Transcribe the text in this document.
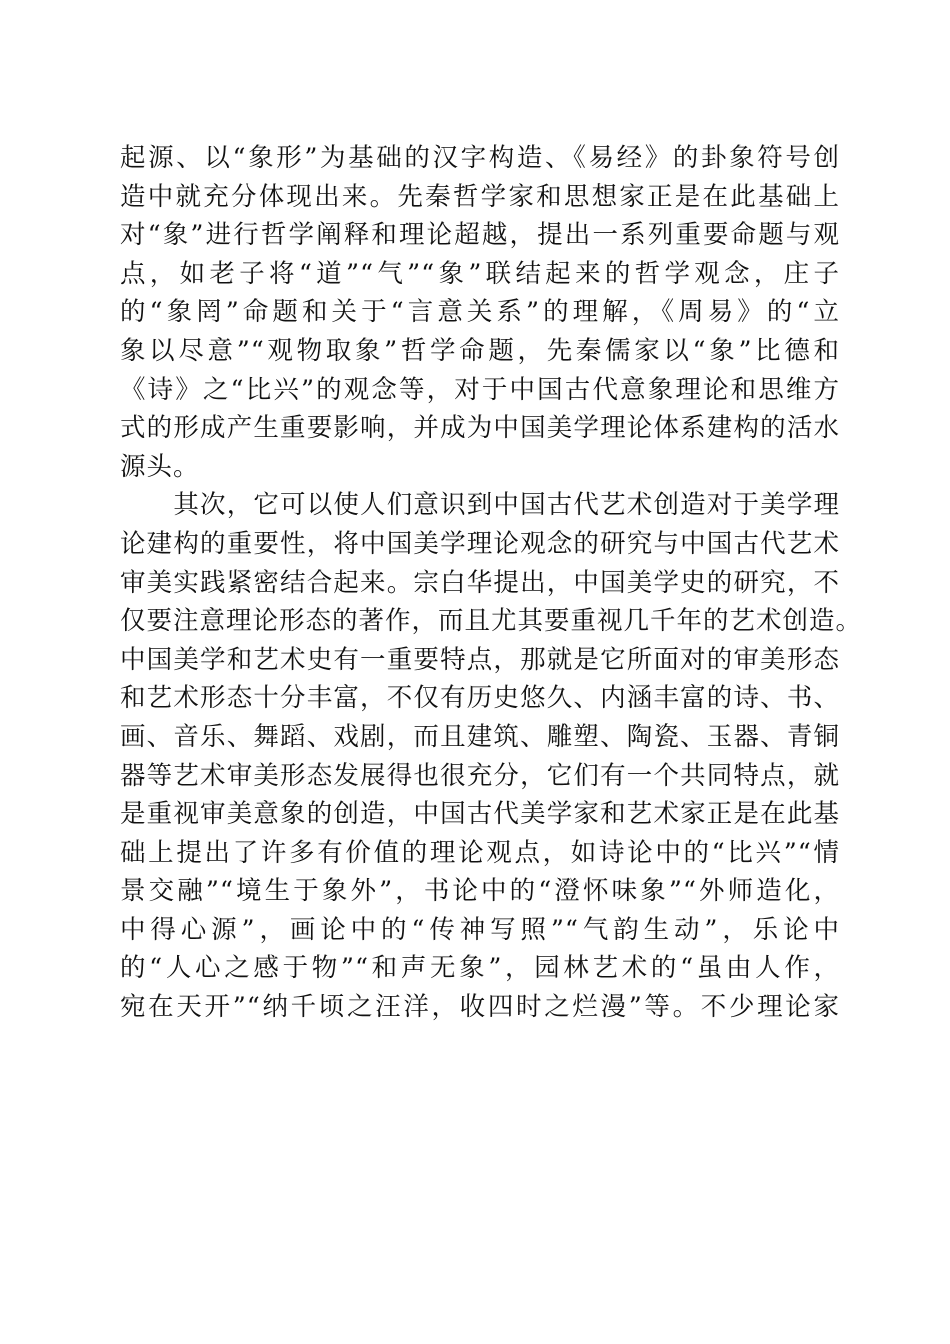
起源、以“象形”为基础的汉字构造、《易经》的卦象符号创
造中就充分体现出来。先秦哲学家和思想家正是在此基础上
对“象”进行哲学阐释和理论超越，提出一系列重要命题与观
点，如老子将“道”“气”“象”联结起来的哲学观念，庄子
的“象罔”命题和关于“言意关系”的理解，《周易》的“立
象以尽意”“观物取象”哲学命题，先秦儒家以“象”比德和
《诗》之“比兴”的观念等，对于中国古代意象理论和思维方
式的形成产生重要影响，并成为中国美学理论体系建构的活水
源头。
　　其次，它可以使人们意识到中国古代艺术创造对于美学理
论建构的重要性，将中国美学理论观念的研究与中国古代艺术
审美实践紧密结合起来。宗白华提出，中国美学史的研究，不
仅要注意理论形态的著作，而且尤其要重视几千年的艺术创造。
中国美学和艺术史有一重要特点，那就是它所面对的审美形态
和艺术形态十分丰富，不仅有历史悠久、内涵丰富的诗、书、
画、音乐、舞蹈、戏剧，而且建筑、雕塑、陶瓷、玉器、青铜
器等艺术审美形态发展得也很充分，它们有一个共同特点，就
是重视审美意象的创造，中国古代美学家和艺术家正是在此基
础上提出了许多有价值的理论观点，如诗论中的“比兴”“情
景交融”“境生于象外”，书论中的“澄怀味象”“外师造化，
中得心源”，画论中的“传神写照”“气韵生动”，乐论中
的“人心之感于物”“和声无象”，园林艺术的“虽由人作，
宛在天开”“纳千顷之汪洋，收四时之烂漫”等。不少理论家
